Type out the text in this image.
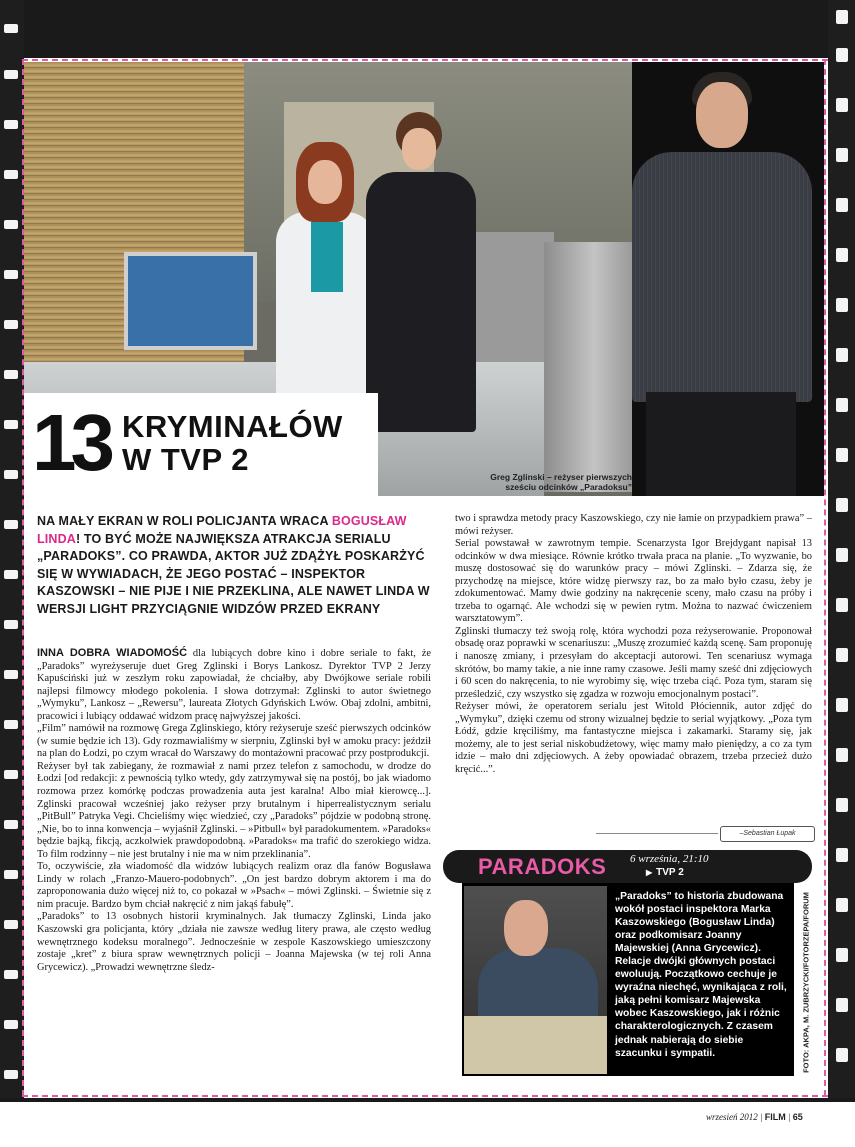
13 KRYMINAŁÓW
W TVP 2	Greg Zglinski – reżyser pierwszych
sześciu odcinków „Paradoksu”
NA MAŁY EKRAN W ROLI POLICJANTA WRACA BOGUSŁAW LINDA! TO BYĆ MOŻE NAJWIĘKSZA ATRAKCJA SERIALU „PARADOKS”. CO PRAWDA, AKTOR JUŻ ZDĄŻYŁ POSKARŻYĆ SIĘ W WYWIADACH, ŻE JEGO POSTAĆ – INSPEKTOR KASZOWSKI – NIE PIJE I NIE PRZEKLINA, ALE NAWET LINDA W WERSJI LIGHT PRZYCIĄGNIE WIDZÓW PRZED EKRANY

INNA DOBRA WIADOMOŚĆ dla lubiących dobre kino i dobre seriale to fakt, że „Paradoks” wyreżyseruje duet Greg Zglinski i Borys Lankosz. Dyrektor TVP 2 Jerzy Kapuściński już w zeszłym roku zapowiadał, że chciałby, aby Dwójkowe seriale robili najlepsi filmowcy młodego pokolenia. I słowa dotrzymał: Zglinski to autor świetnego „Wymyku”, Lankosz – „Rewersu”, laureata Złotych Gdyńskich Lwów. Obaj zdolni, ambitni, pracowici i lubiący oddawać widzom pracę najwyższej jakości.

„Film” namówił na rozmowę Grega Zglinskiego, który reżyseruje sześć pierwszych odcinków (w sumie będzie ich 13). Gdy rozmawialiśmy w sierpniu, Zglinski był w amoku pracy: jeździł na plan do Łodzi, po czym wracał do Warszawy do montażowni pracować przy postprodukcji.

Reżyser był tak zabiegany, że rozmawiał z nami przez telefon z samochodu, w drodze do Łodzi [od redakcji: z pewnością tylko wtedy, gdy zatrzymywał się na postój, bo jak wiadomo rozmowa przez komórkę podczas prowadzenia auta jest karalna! Albo miał kierowcę...]. Zglinski pracował wcześniej jako reżyser przy brutalnym i hiperrealistycznym serialu „PitBull” Patryka Vegi. Chcieliśmy więc wiedzieć, czy „Paradoks” pójdzie w podobną stronę. „Nie, bo to inna konwencja – wyjaśnił Zglinski. – »Pitbull« był paradokumentem. »Paradoks« będzie bajką, fikcją, aczkolwiek prawdopodobną. »Paradoks« ma trafić do szerokiego widza. To film rodzinny – nie jest brutalny i nie ma w nim przeklinania”.

To, oczywiście, zła wiadomość dla widzów lubiących realizm oraz dla fanów Bogusława Lindy w rolach „Franzo-Mauero-podobnych”. „On jest bardzo dobrym aktorem i ma do zaproponowania dużo więcej niż to, co pokazał w »Psach« – mówi Zglinski. – Świetnie się z nim pracuje. Bardzo bym chciał nakręcić z nim jakąś fabułę”.

„Paradoks” to 13 osobnych historii kryminalnych. Jak tłumaczy Zglinski, Linda jako Kaszowski gra policjanta, który „działa nie zawsze według litery prawa, ale często według wewnętrznego kodeksu moralnego”. Jednocześnie w zespole Kaszowskiego umieszczony zostaje „kret” z biura spraw wewnętrznych policji – Joanna Majewska (w tej roli Anna Grycewicz). „Prowadzi wewnętrzne śledz-

two i sprawdza metody pracy Kaszowskiego, czy nie łamie on przypadkiem prawa” – mówi reżyser.

Serial powstawał w zawrotnym tempie. Scenarzysta Igor Brejdygant napisał 13 odcinków w dwa miesiące. Równie krótko trwała praca na planie. „To wyzwanie, bo muszę dostosować się do warunków pracy – mówi Zglinski. – Zdarza się, że przychodzę na miejsce, które widzę pierwszy raz, bo za mało było czasu, żeby je zdokumentować. Mamy dwie godziny na nakręcenie sceny, mało czasu na próby i trzeba to ogarnąć. Ale wchodzi się w pewien rytm. Można to nazwać ćwiczeniem warsztatowym”.

Zglinski tłumaczy też swoją rolę, która wychodzi poza reżyserowanie. Proponował obsadę oraz poprawki w scenariuszu: „Muszę zrozumieć każdą scenę. Sam proponuję i nanoszę zmiany, i przesyłam do akceptacji autorowi. Ten scenariusz wymaga skrótów, bo mamy takie, a nie inne ramy czasowe. Jeśli mamy sześć dni zdjęciowych i 60 scen do nakręcenia, to nie wyrobimy się, więc trzeba ciąć. Poza tym, staram się prześledzić, czy wszystko się zgadza w rozwoju emocjonalnym postaci”.

Reżyser mówi, że operatorem serialu jest Witold Płóciennik, autor zdjęć do „Wymyku”, dzięki czemu od strony wizualnej będzie to serial wyjątkowy. „Poza tym Łódź, gdzie kręciliśmy, ma fantastyczne miejsca i zakamarki. Staramy się, jak możemy, ale to jest serial niskobudżetowy, więc mamy mało pieniędzy, a co za tym idzie – mało dni zdjęciowych. A żeby opowiadać obrazem, trzeba przecież dużo kręcić...”.

–Sebastian Łupak
PARADOKS 6 września, 21:10
▶ TVP 2
„Paradoks” to historia zbudowana wokół postaci inspektora Marka Kaszowskiego (Bogusław Linda) oraz podkomisarz Joanny Majewskiej (Anna Grycewicz). Relacje dwójki głównych postaci ewoluują. Początkowo cechuje je wyraźna niechęć, wynikająca z roli, jaką pełni komisarz Majewska wobec Kaszowskiego, jak i różnic charakterologicznych. Z czasem jednak nabierają do siebie szacunku i sympatii.	FOTO: AKPA, M. ZUBRZYCKI/FOTORZEPA/FORUM
wrzesień 2012 | FILM | 65
